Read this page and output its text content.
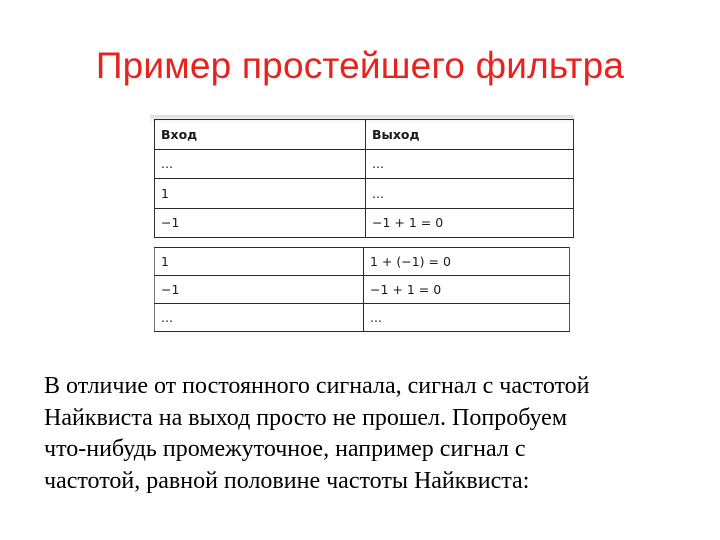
Пример простейшего фильтра
Вход	Выход
...	...
1	...
−1	−1 + 1 = 0
1	1 + (−1) = 0
−1	−1 + 1 = 0
...	...
В отличие от постоянного сигнала, сигнал с частотой
Найквиста на выход просто не прошел. Попробуем
что-нибудь промежуточное, например сигнал с
частотой, равной половине частоты Найквиста:
